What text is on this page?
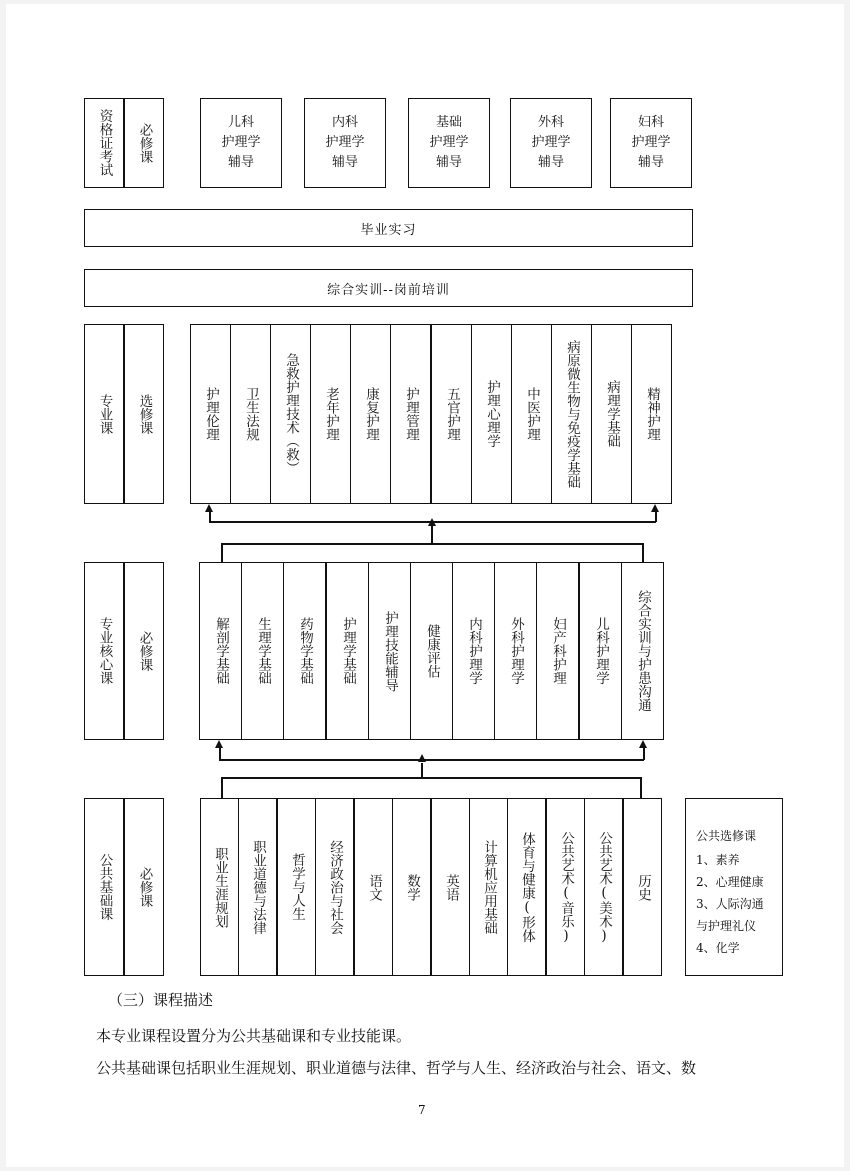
资格证考试 必修课
儿科
护理学
辅导
内科
护理学
辅导
基础
护理学
辅导
外科
护理学
辅导
妇科
护理学
辅导
毕业实习
综合实训--岗前培训
专业课 选修课	护理伦理 卫生法规 急救护理技术（救） 老年护理 康复护理 护理管理 五官护理 护理心理学 中医护理 病原微生物与免疫学基础 病理学基础 精神护理
专业核心课 必修课	解剖学基础 生理学基础 药物学基础 护理学基础 护理技能辅导 健康评估 内科护理学 外科护理学 妇产科护理 儿科护理学 综合实训与护患沟通
公共基础课 必修课	职业生涯规划 职业道德与法律 哲学与人生 经济政治与社会 语文 数学 英语 计算机应用基础 体育与健康(形体 公共艺术(音乐) 公共艺术(美术) 历史
公共选修课
1、素养
2、心理健康
3、人际沟通
与护理礼仪
4、化学
（三）课程描述
本专业课程设置分为公共基础课和专业技能课。
公共基础课包括职业生涯规划、职业道德与法律、哲学与人生、经济政治与社会、语文、数
7
